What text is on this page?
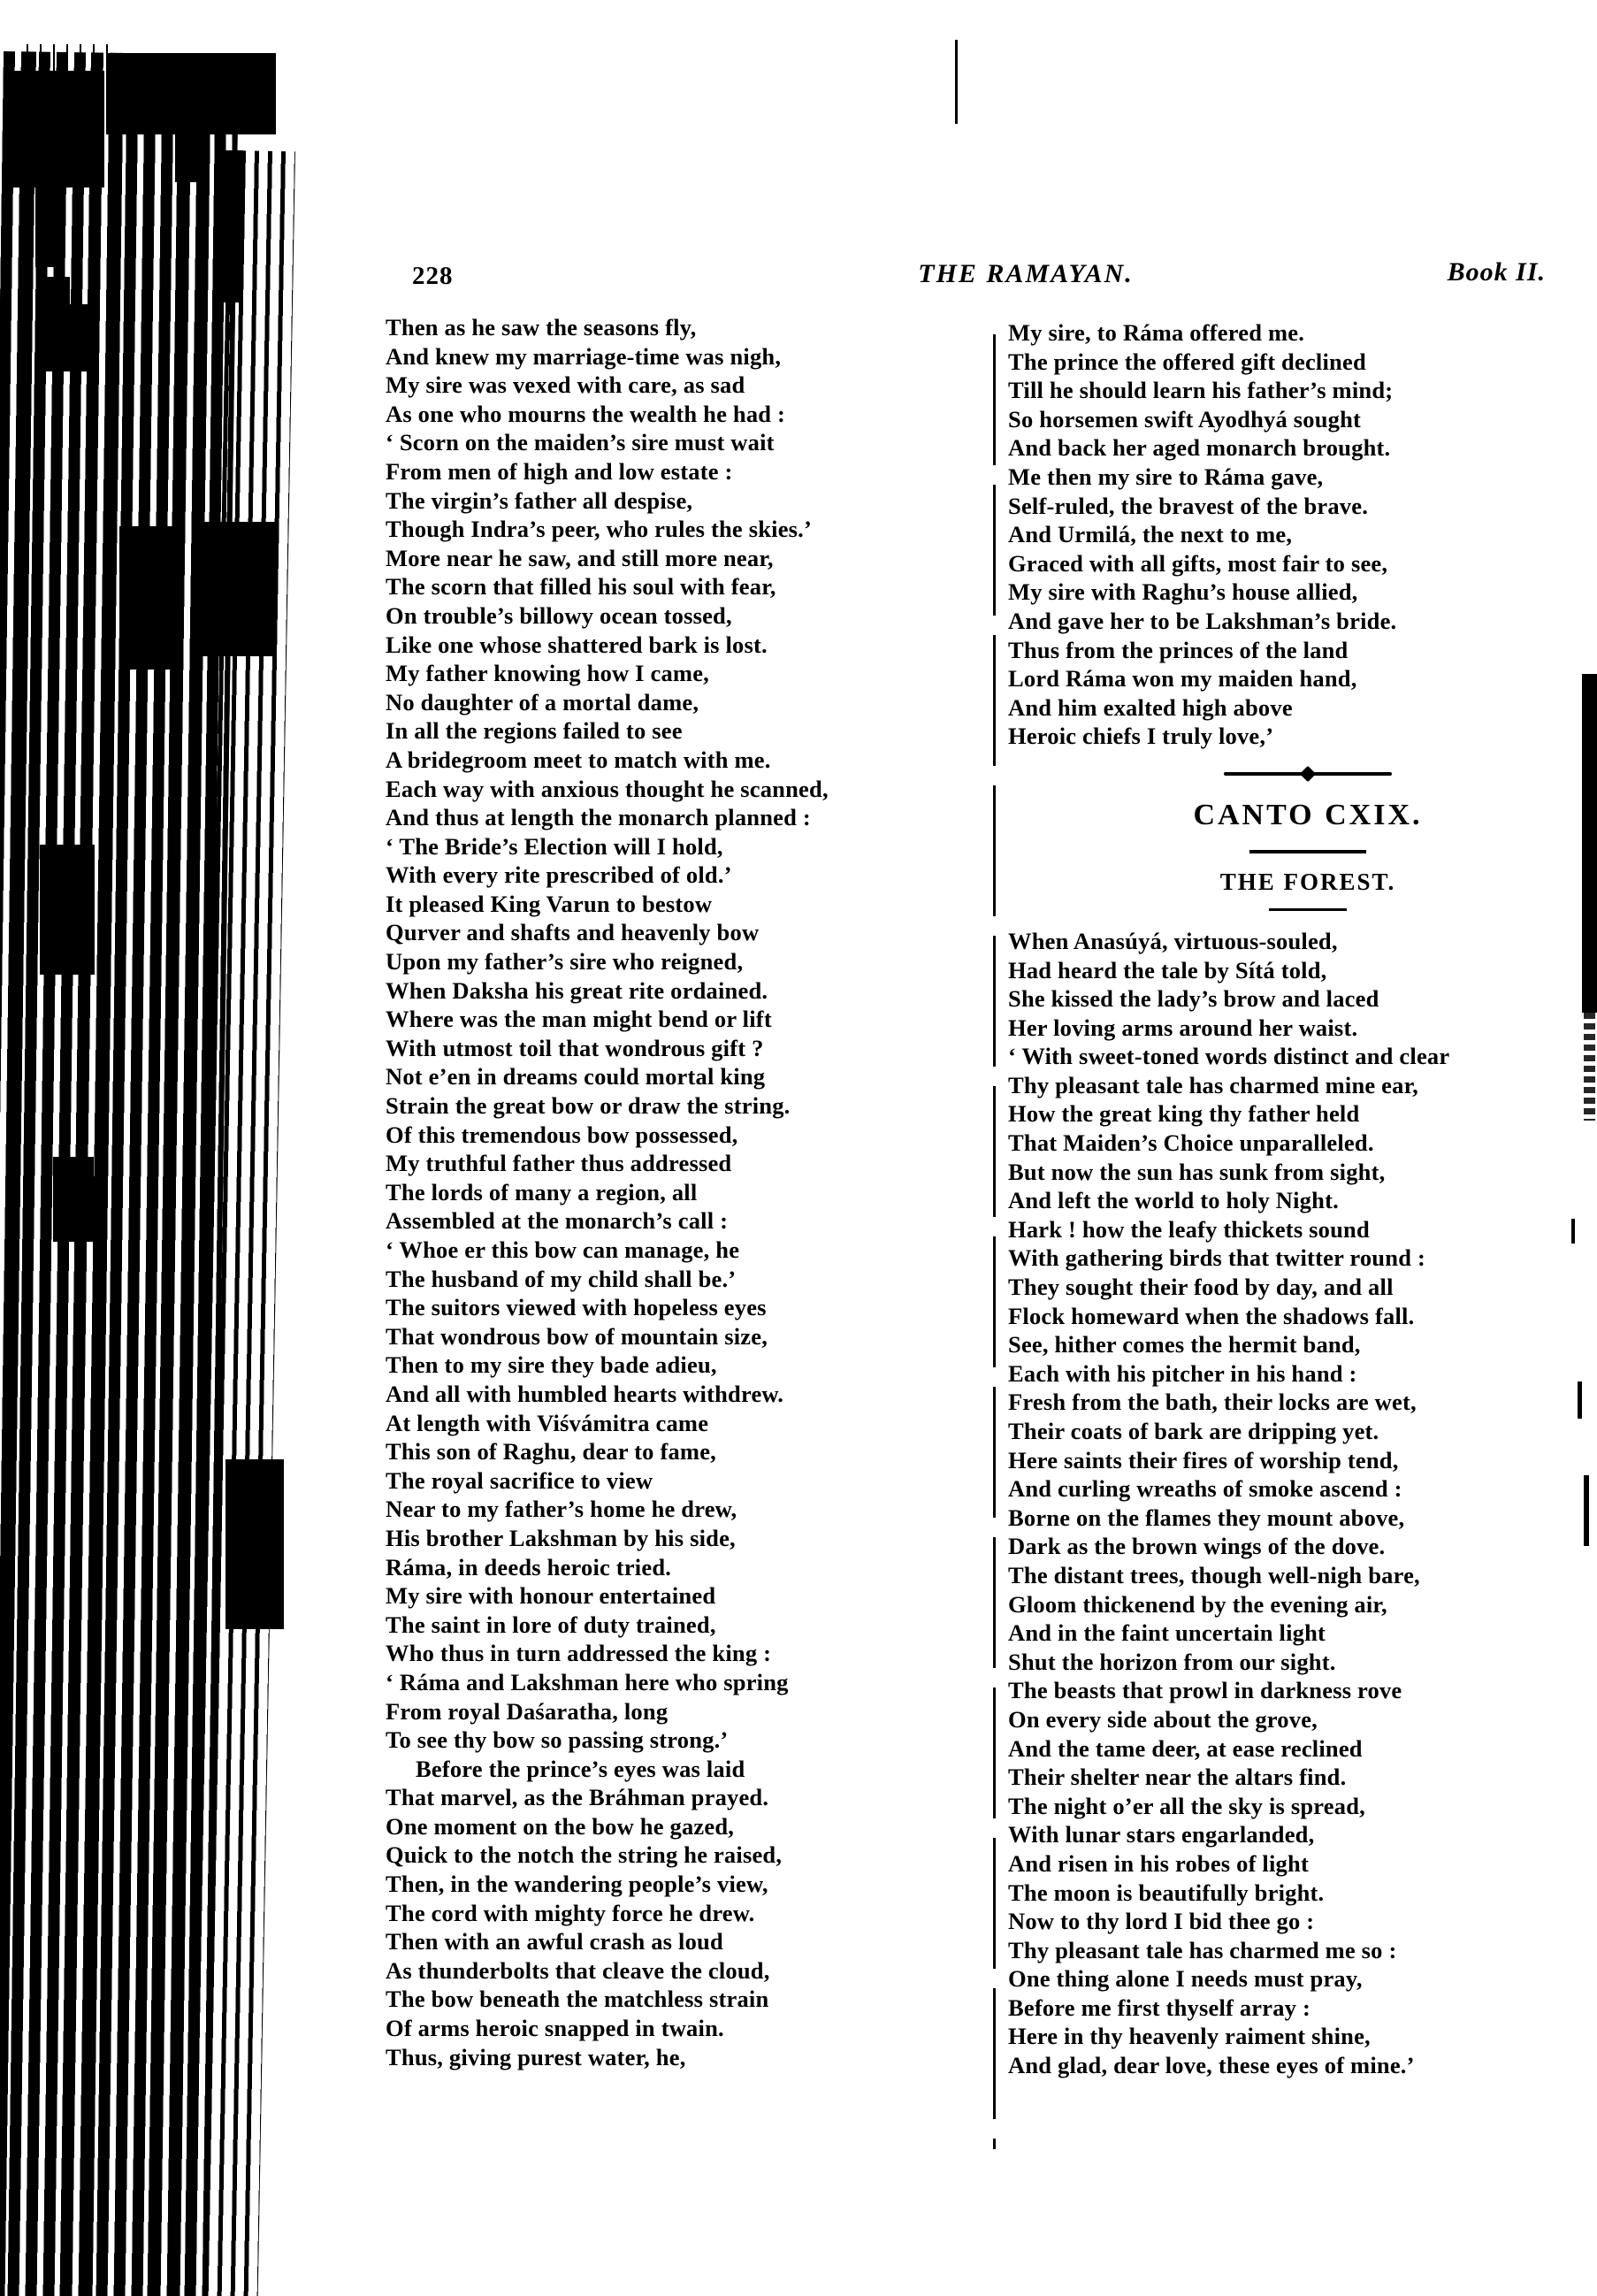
228	THE RAMAYAN.	Book II.
Then as he saw the seasons fly,
And knew my marriage-time was nigh,
My sire was vexed with care, as sad
As one who mourns the wealth he had :
‘ Scorn on the maiden’s sire must wait
From men of high and low estate :
The virgin’s father all despise,
Though Indra’s peer, who rules the skies.’
More near he saw, and still more near,
The scorn that filled his soul with fear,
On trouble’s billowy ocean tossed,
Like one whose shattered bark is lost.
My father knowing how I came,
No daughter of a mortal dame,
In all the regions failed to see
A bridegroom meet to match with me.
Each way with anxious thought he scanned,
And thus at length the monarch planned :
‘ The Bride’s Election will I hold,
With every rite prescribed of old.’
It pleased King Varun to bestow
Qurver and shafts and heavenly bow
Upon my father’s sire who reigned,
When Daksha his great rite ordained.
Where was the man might bend or lift
With utmost toil that wondrous gift ?
Not e’en in dreams could mortal king
Strain the great bow or draw the string.
Of this tremendous bow possessed,
My truthful father thus addressed
The lords of many a region, all
Assembled at the monarch’s call :
‘ Whoe er this bow can manage, he
The husband of my child shall be.’
The suitors viewed with hopeless eyes
That wondrous bow of mountain size,
Then to my sire they bade adieu,
And all with humbled hearts withdrew.
At length with Viśvámitra came
This son of Raghu, dear to fame,
The royal sacrifice to view
Near to my father’s home he drew,
His brother Lakshman by his side,
Ráma, in deeds heroic tried.
My sire with honour entertained
The saint in lore of duty trained,
Who thus in turn addressed the king :
‘ Ráma and Lakshman here who spring
From royal Daśaratha, long
To see thy bow so passing strong.’
Before the prince’s eyes was laid
That marvel, as the Bráhman prayed.
One moment on the bow he gazed,
Quick to the notch the string he raised,
Then, in the wandering people’s view,
The cord with mighty force he drew.
Then with an awful crash as loud
As thunderbolts that cleave the cloud,
The bow beneath the matchless strain
Of arms heroic snapped in twain.
Thus, giving purest water, he,
My sire, to Ráma offered me.
The prince the offered gift declined
Till he should learn his father’s mind;
So horsemen swift Ayodhyá sought
And back her aged monarch brought.
Me then my sire to Ráma gave,
Self-ruled, the bravest of the brave.
And Urmilá, the next to me,
Graced with all gifts, most fair to see,
My sire with Raghu’s house allied,
And gave her to be Lakshman’s bride.
Thus from the princes of the land
Lord Ráma won my maiden hand,
And him exalted high above
Heroic chiefs I truly love,’
CANTO CXIX.
THE FOREST.
When Anasúyá, virtuous-souled,
Had heard the tale by Sítá told,
She kissed the lady’s brow and laced
Her loving arms around her waist.
‘ With sweet-toned words distinct and clear
Thy pleasant tale has charmed mine ear,
How the great king thy father held
That Maiden’s Choice unparalleled.
But now the sun has sunk from sight,
And left the world to holy Night.
Hark ! how the leafy thickets sound
With gathering birds that twitter round :
They sought their food by day, and all
Flock homeward when the shadows fall.
See, hither comes the hermit band,
Each with his pitcher in his hand :
Fresh from the bath, their locks are wet,
Their coats of bark are dripping yet.
Here saints their fires of worship tend,
And curling wreaths of smoke ascend :
Borne on the flames they mount above,
Dark as the brown wings of the dove.
The distant trees, though well-nigh bare,
Gloom thickenend by the evening air,
And in the faint uncertain light
Shut the horizon from our sight.
The beasts that prowl in darkness rove
On every side about the grove,
And the tame deer, at ease reclined
Their shelter near the altars find.
The night o’er all the sky is spread,
With lunar stars engarlanded,
And risen in his robes of light
The moon is beautifully bright.
Now to thy lord I bid thee go :
Thy pleasant tale has charmed me so :
One thing alone I needs must pray,
Before me first thyself array :
Here in thy heavenly raiment shine,
And glad, dear love, these eyes of mine.’
